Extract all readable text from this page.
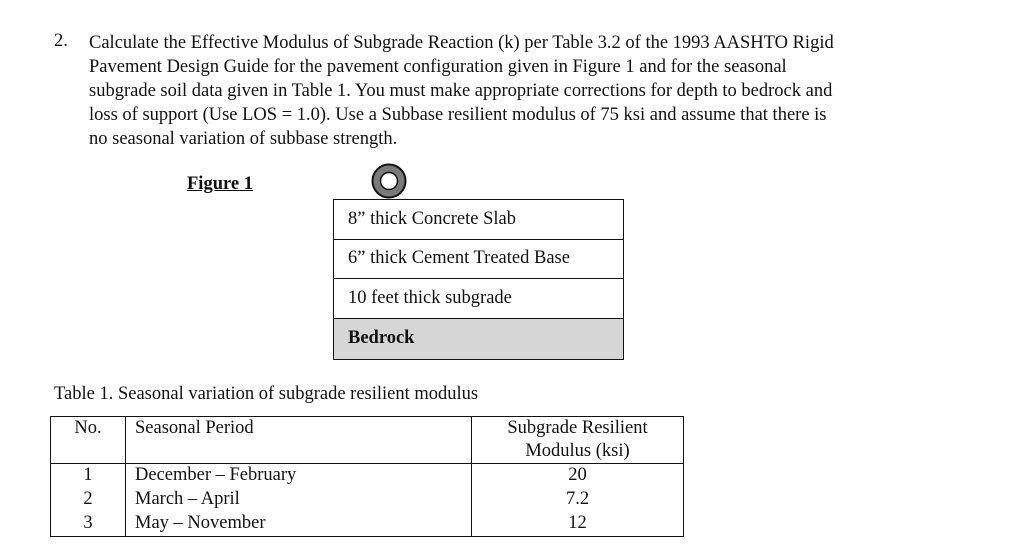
2. Calculate the Effective Modulus of Subgrade Reaction (k) per Table 3.2 of the 1993 AASHTO Rigid
Pavement Design Guide for the pavement configuration given in Figure 1 and for the seasonal
subgrade soil data given in Table 1. You must make appropriate corrections for depth to bedrock and
loss of support (Use LOS = 1.0). Use a Subbase resilient modulus of 75 ksi and assume that there is
no seasonal variation of subbase strength.
Figure 1
8” thick Concrete Slab
6” thick Cement Treated Base
10 feet thick subgrade
Bedrock
Table 1. Seasonal variation of subgrade resilient modulus
No.	Seasonal Period	Subgrade Resilient
Modulus (ksi)

1	December – February	20
2	March – April	7.2
3	May – November	12
